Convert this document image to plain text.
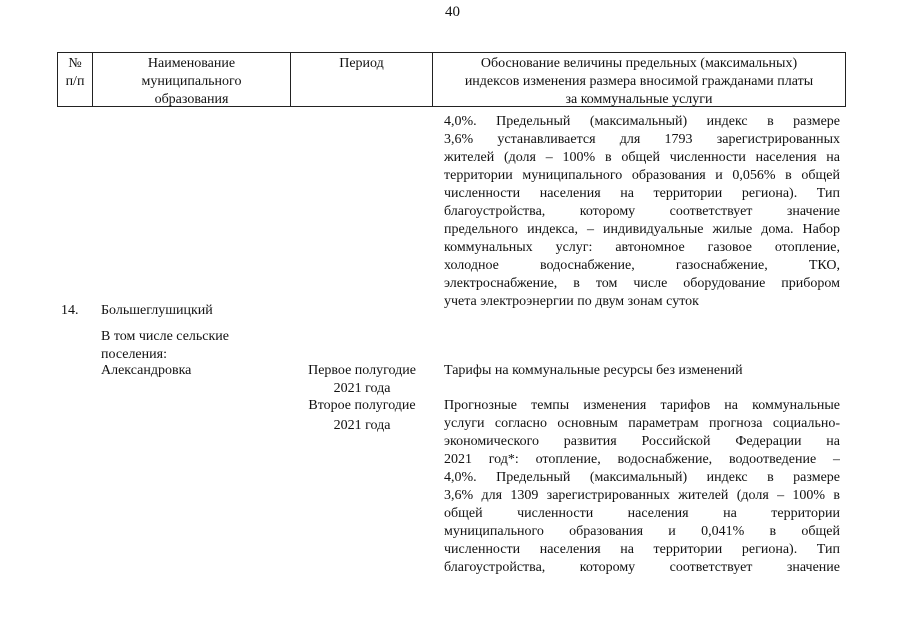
40
№
п/п
Наименование
муниципального
образования
Период	Обоснование величины предельных (максимальных)
индексов изменения размера вносимой гражданами платы
за коммунальные услуги
4,0%. Предельный (максимальный) индекс в размере
3,6% устанавливается для 1793 зарегистрированных
жителей (доля – 100% в общей численности населения на
территории муниципального образования и 0,056% в общей
численности населения на территории региона). Тип
благоустройства, которому соответствует значение
предельного индекса, – индивидуальные жилые дома. Набор
коммунальных услуг: автономное газовое отопление,
холодное водоснабжение, газоснабжение, ТКО,
электроснабжение, в том числе оборудование прибором
учета электроэнергии по двум зонам суток
14. Большеглушицкий
В том числе сельские
поселения:
Александровка	Первое полугодие
2021 года
Тарифы на коммунальные ресурсы без изменений
Второе полугодие
2021 года
Прогнозные темпы изменения тарифов на коммунальные
услуги согласно основным параметрам прогноза социально-
экономического развития Российской Федерации на
2021 год*: отопление, водоснабжение, водоотведение –
4,0%. Предельный (максимальный) индекс в размере
3,6% для 1309 зарегистрированных жителей (доля – 100% в
общей численности населения на территории
муниципального образования и 0,041% в общей
численности населения на территории региона). Тип
благоустройства, которому соответствует значение
